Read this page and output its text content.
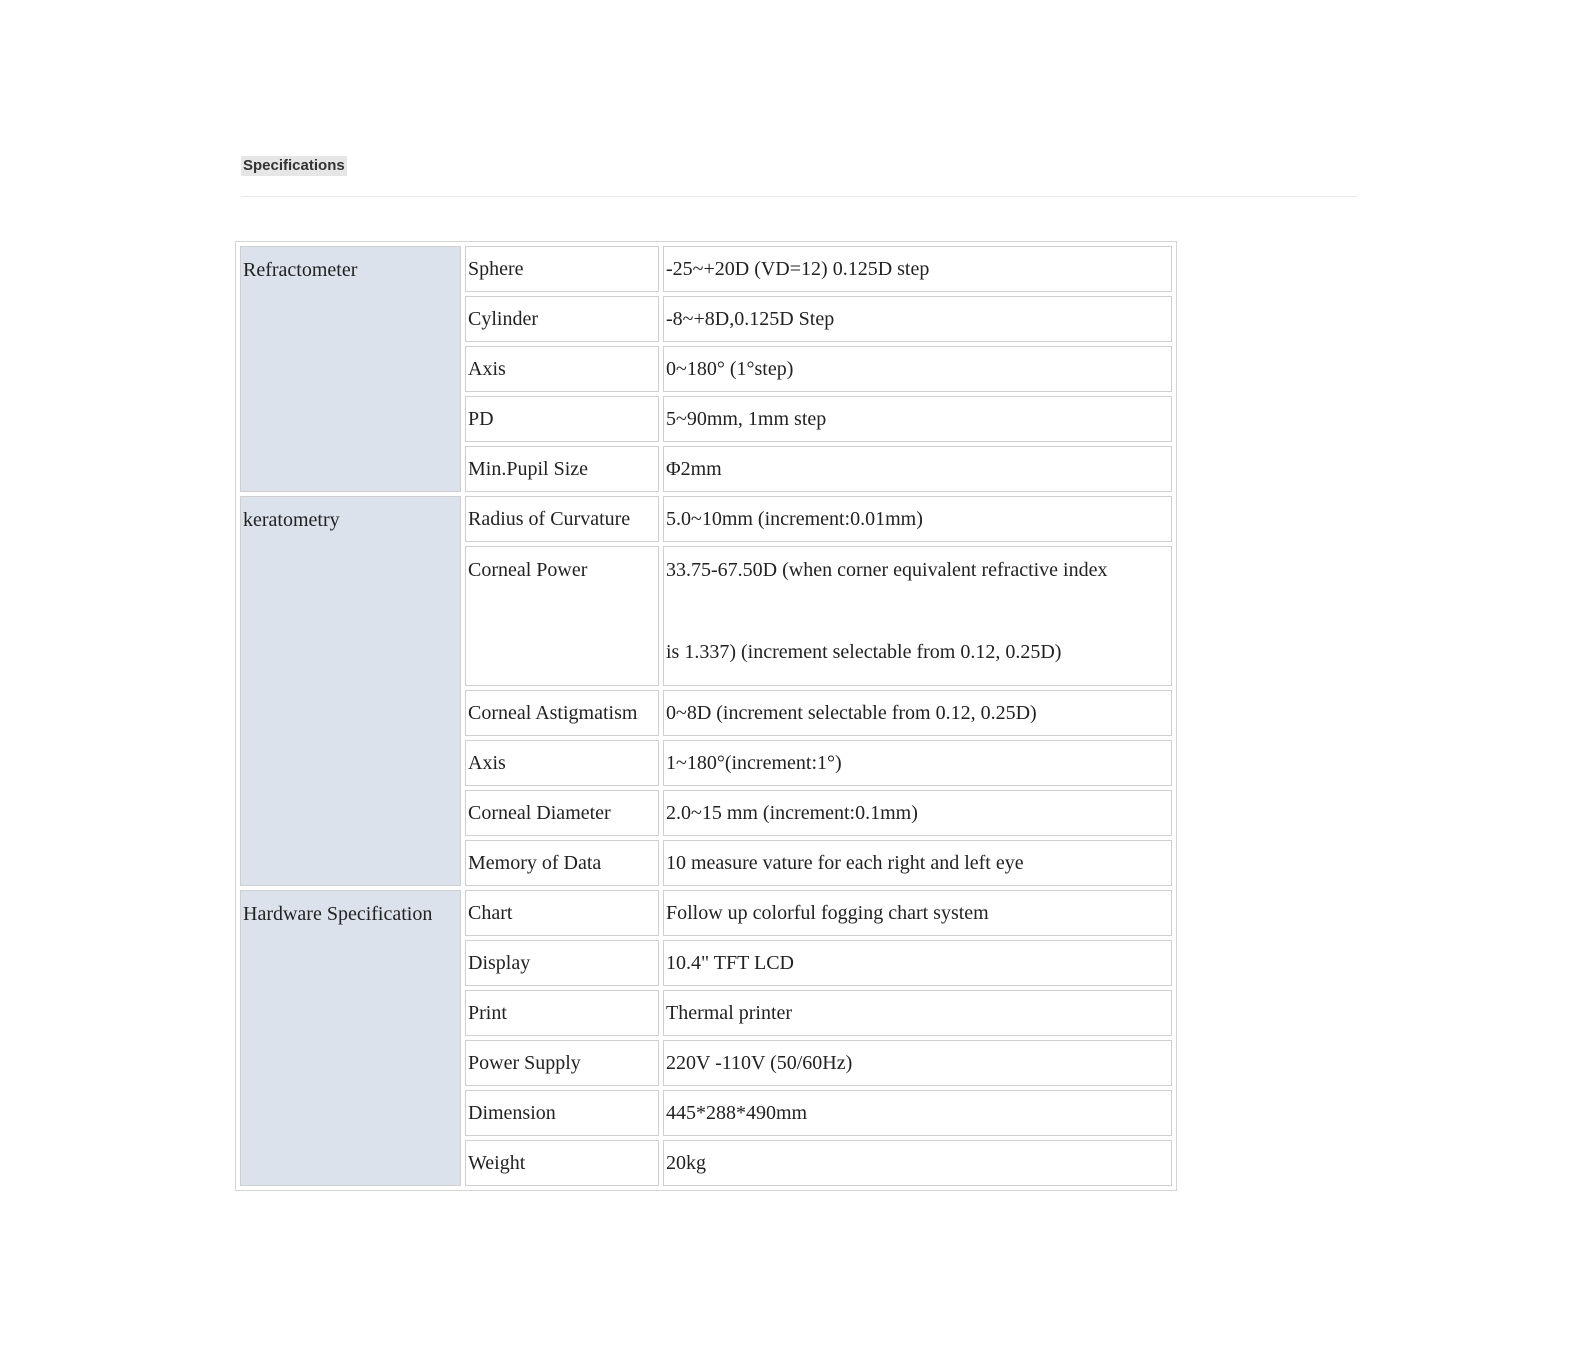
Specifications
Refractometer	Sphere	-25~+20D (VD=12) 0.125D step
	Cylinder	-8~+8D,0.125D Step
	Axis	0~180° (1°step)
	PD	5~90mm, 1mm step
	Min.Pupil Size	Φ2mm
keratometry	Radius of Curvature	5.0~10mm (increment:0.01mm)
	Corneal Power	33.75-67.50D (when corner equivalent refractive index
is 1.337) (increment selectable from 0.12, 0.25D)

	Corneal Astigmatism	0~8D (increment selectable from 0.12, 0.25D)
	Axis	1~180°(increment:1°)
	Corneal Diameter	2.0~15 mm (increment:0.1mm)
	Memory of Data	10 measure vature for each right and left eye
Hardware Specification	Chart	Follow up colorful fogging chart system
	Display	10.4" TFT LCD
	Print	Thermal printer
	Power Supply	220V -110V (50/60Hz)
	Dimension	445*288*490mm
	Weight	20kg
